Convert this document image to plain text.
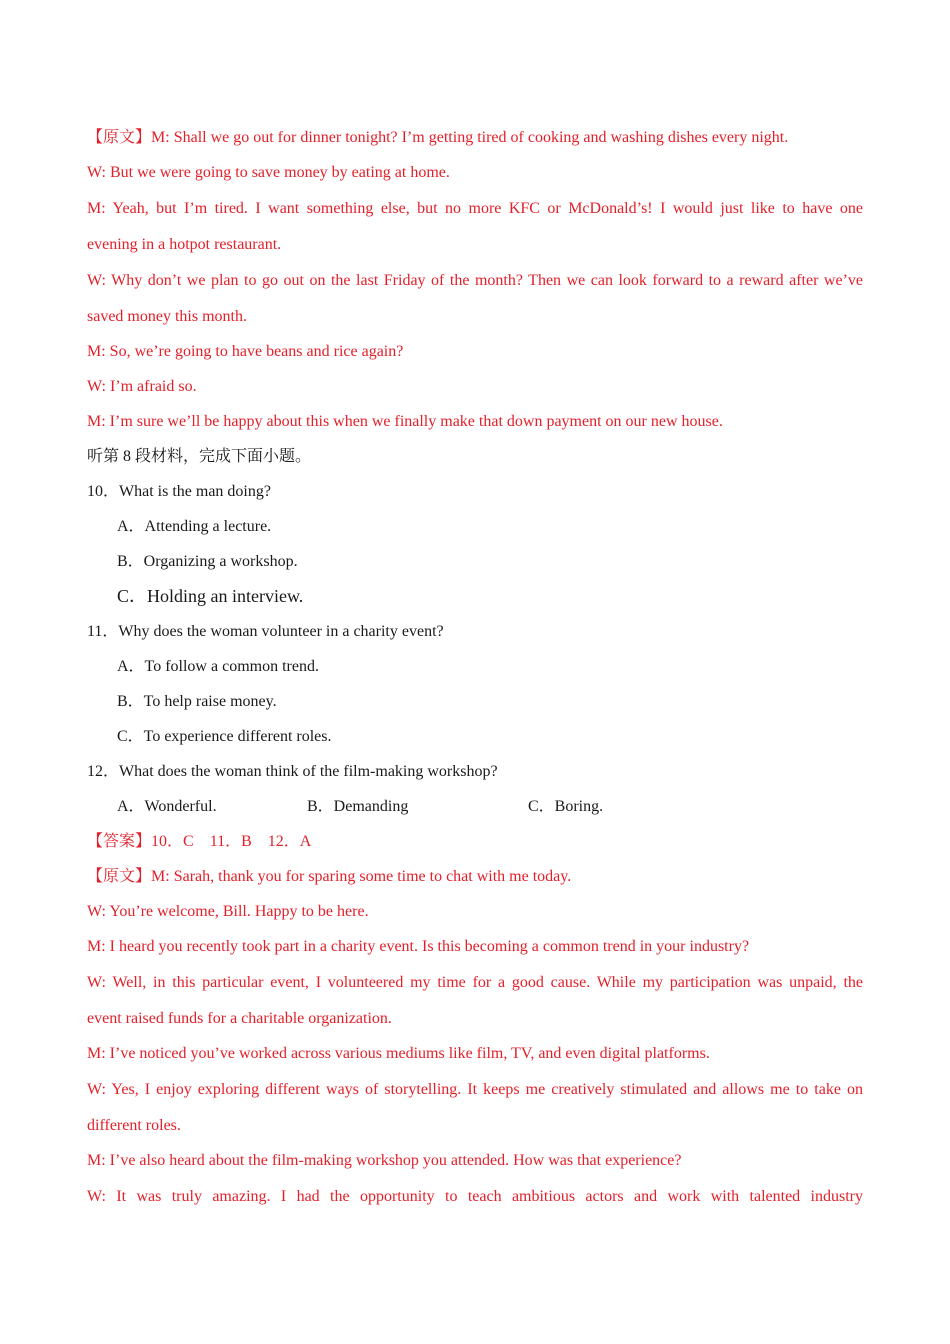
【原文】M: Shall we go out for dinner tonight? I’m getting tired of cooking and washing dishes every night.
W: But we were going to save money by eating at home.
M: Yeah, but I’m tired. I want something else, but no more KFC or McDonald’s! I would just like to have one
evening in a hotpot restaurant.
W: Why don’t we plan to go out on the last Friday of the month? Then we can look forward to a reward after we’ve
saved money this month.
M: So, we’re going to have beans and rice again?
W: I’m afraid so.
M: I’m sure we’ll be happy about this when we finally make that down payment on our new house.
听第 8 段材料，完成下面小题。
10．What is the man doing?
A．Attending a lecture.
B．Organizing a workshop.
C．Holding an interview.
11．Why does the woman volunteer in a charity event?
A．To follow a common trend.
B．To help raise money.
C．To experience different roles.
12．What does the woman think of the film-making workshop?
A．Wonderful.	B．Demanding	C．Boring.
【答案】10．C　11．B　12．A
【原文】M: Sarah, thank you for sparing some time to chat with me today.
W: You’re welcome, Bill. Happy to be here.
M: I heard you recently took part in a charity event. Is this becoming a common trend in your industry?
W: Well, in this particular event, I volunteered my time for a good cause. While my participation was unpaid, the
event raised funds for a charitable organization.
M: I’ve noticed you’ve worked across various mediums like film, TV, and even digital platforms.
W: Yes, I enjoy exploring different ways of storytelling. It keeps me creatively stimulated and allows me to take on
different roles.
M: I’ve also heard about the film-making workshop you attended. How was that experience?
W: It was truly amazing. I had the opportunity to teach ambitious actors and work with talented industry
